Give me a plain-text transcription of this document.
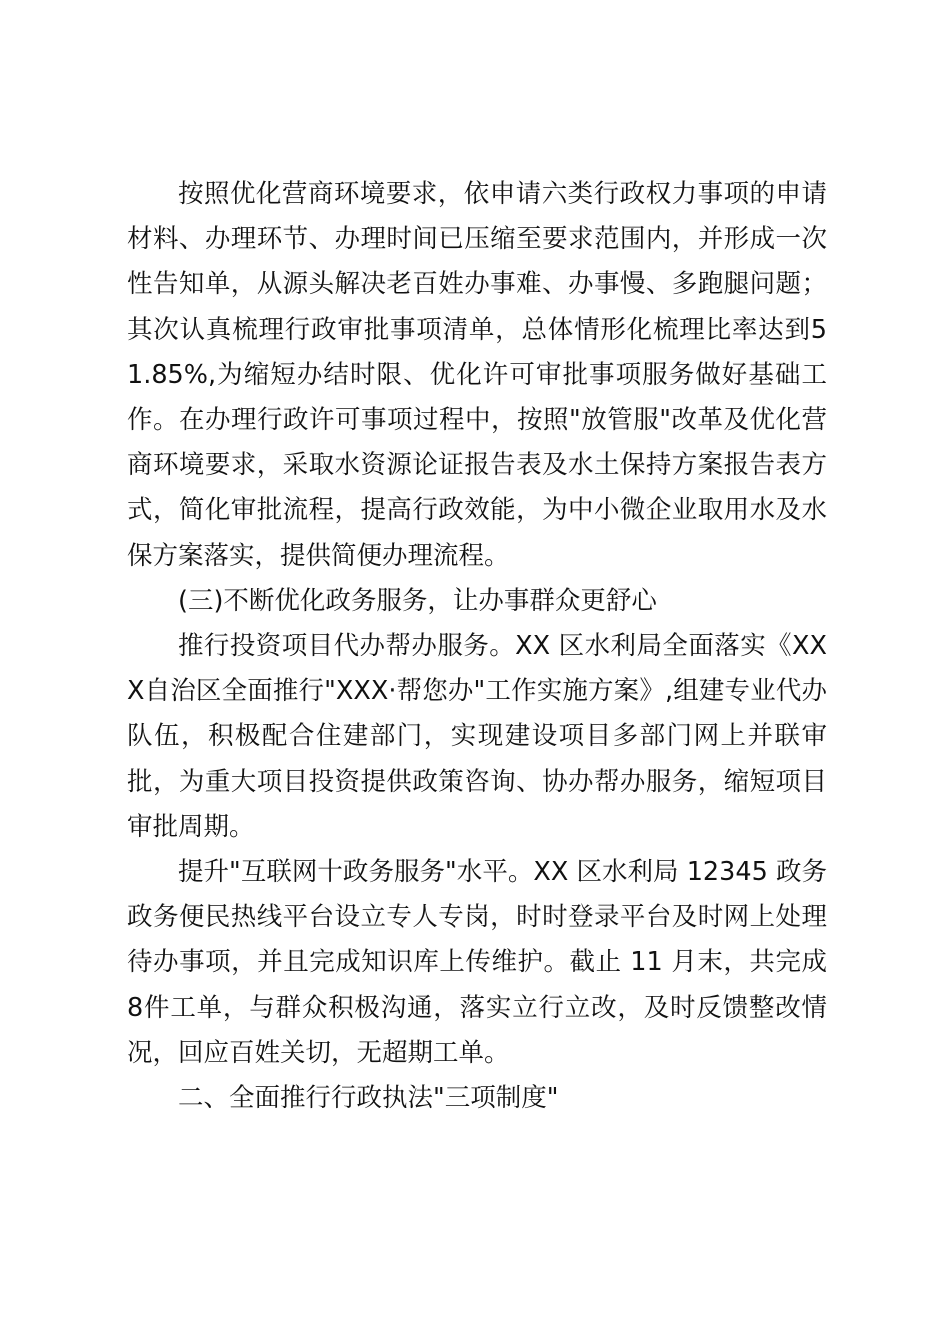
按照优化营商环境要求，依申请六类行政权力事项的申请材料、办理环节、办理时间已压缩至要求范围内，并形成一次性告知单，从源头解决老百姓办事难、办事慢、多跑腿问题；其次认真梳理行政审批事项清单，总体情形化梳理比率达到51.85%,为缩短办结时限、优化许可审批事项服务做好基础工作。在办理行政许可事项过程中，按照"放管服"改革及优化营商环境要求，采取水资源论证报告表及水土保持方案报告表方式，简化审批流程，提高行政效能，为中小微企业取用水及水保方案落实，提供简便办理流程。

(三)不断优化政务服务，让办事群众更舒心

推行投资项目代办帮办服务。XX 区水利局全面落实《XXX自治区全面推行"XXX·帮您办"工作实施方案》,组建专业代办队伍，积极配合住建部门，实现建设项目多部门网上并联审批，为重大项目投资提供政策咨询、协办帮办服务，缩短项目审批周期。

提升"互联网十政务服务"水平。XX 区水利局 12345 政务政务便民热线平台设立专人专岗，时时登录平台及时网上处理待办事项，并且完成知识库上传维护。截止 11 月末，共完成 8件工单，与群众积极沟通，落实立行立改，及时反馈整改情况，回应百姓关切，无超期工单。

二、全面推行行政执法"三项制度"
